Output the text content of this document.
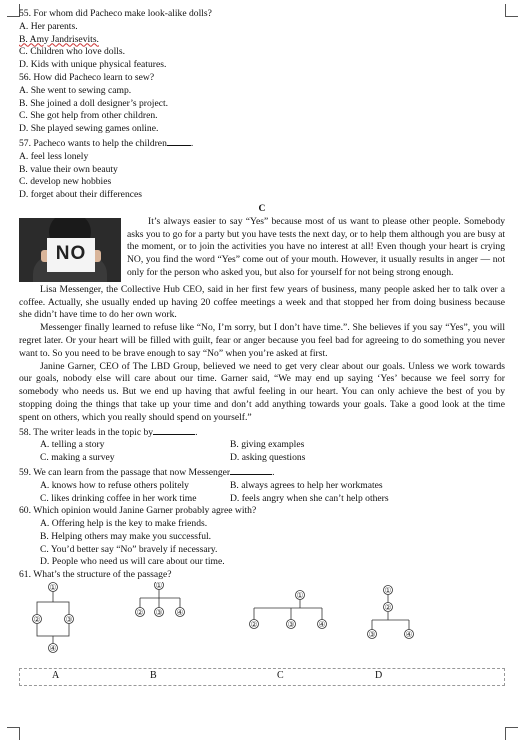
55. For whom did Pacheco make look-alike dolls?
A. Her parents.
B. Amy Jandrisevits.
C. Children who love dolls.
D. Kids with unique physical features.
56. How did Pacheco learn to sew?
A. She went to sewing camp.
B. She joined a doll designer’s project.
C. She got help from other children.
D. She played sewing games online.
57. Pacheco wants to help the children	.
A. feel less lonely
B. value their own beauty
C. develop new hobbies
D. forget about their differences
C
NO
It’s always easier to say “Yes” because most of us want to please other people. Somebody asks you to go for a party but you have tests the next day, or to help them although you are busy at the moment, or to join the activities you have no interest at all! Even though your heart is crying NO, you find the word “Yes” come out of your mouth. However, it usually results in anger — not only for the person who asked you, but also for yourself for not being strong enough.
Lisa Messenger, the Collective Hub CEO, said in her first few years of business, many people asked her to talk over a coffee. Actually, she usually ended up having 20 coffee meetings a week and that stopped her from doing business because she didn’t have time to do her own work.
Messenger finally learned to refuse like “No, I’m sorry, but I don’t have time.”. She believes if you say “Yes”, you will regret later. Or your heart will be filled with guilt, fear or anger because you feel bad for agreeing to do something you never want to. So you need to be brave enough to say “No” when you’re asked at first.
Janine Garner, CEO of The LBD Group, believed we need to get very clear about our goals. Unless we work towards our goals, nobody else will care about our time. Garner said, “We may end up saying ‘Yes’ because we feel sorry for somebody who needs us. But we end up having that awful feeling in our heart. You can only achieve the best of you by stopping doing the things that take up your time and don’t add anything towards your goals. Take a good look at the time spent on others, which you really should spend on yourself.”
58. The writer leads in the topic by	.
A. telling a story	B. giving examples
C. making a survey	D. asking questions
59. We can learn from the passage that now Messenger	.
A. knows how to refuse others politely	B. always agrees to help her workmates
C. likes drinking coffee in her work time	D. feels angry when she can’t help others
60. Which opinion would Janine Garner probably agree with?
A. Offering help is the key to make friends.
B. Helping others may make you successful.
C. You’d better say “No” bravely if necessary.
D. People who need us will care about our time.
61. What’s the structure of the passage?
①
②	③
④
①
② ③ ④
①
②	③	④
①
②
③	④
A	B	C	D
